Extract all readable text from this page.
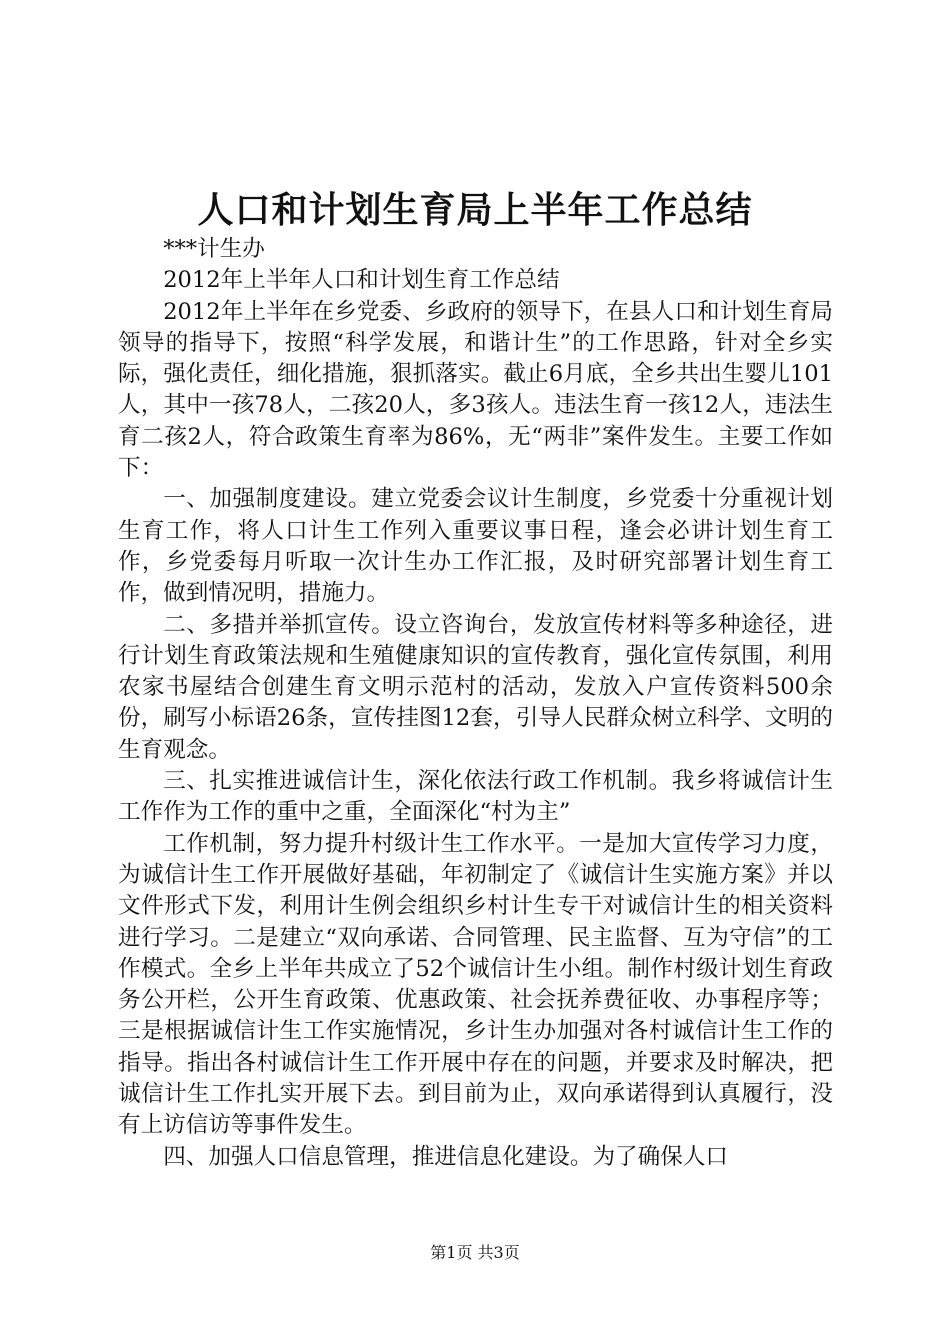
人口和计划生育局上半年工作总结

***计生办

2012年上半年人口和计划生育工作总结

2012年上半年在乡党委、乡政府的领导下，在县人口和计划生育局领导的指导下，按照“科学发展，和谐计生”的工作思路，针对全乡实际，强化责任，细化措施，狠抓落实。截止6月底，全乡共出生婴儿101人，其中一孩78人，二孩20人，多3孩人。违法生育一孩12人，违法生育二孩2人，符合政策生育率为86%，无“两非”案件发生。主要工作如下：

一、加强制度建设。建立党委会议计生制度，乡党委十分重视计划生育工作，将人口计生工作列入重要议事日程，逢会必讲计划生育工作，乡党委每月听取一次计生办工作汇报，及时研究部署计划生育工作，做到情况明，措施力。

二、多措并举抓宣传。设立咨询台，发放宣传材料等多种途径，进行计划生育政策法规和生殖健康知识的宣传教育，强化宣传氛围，利用农家书屋结合创建生育文明示范村的活动，发放入户宣传资料500余份，刷写小标语26条，宣传挂图12套，引导人民群众树立科学、文明的生育观念。

三、扎实推进诚信计生，深化依法行政工作机制。我乡将诚信计生工作作为工作的重中之重，全面深化“村为主”

工作机制，努力提升村级计生工作水平。一是加大宣传学习力度，为诚信计生工作开展做好基础，年初制定了《诚信计生实施方案》并以文件形式下发，利用计生例会组织乡村计生专干对诚信计生的相关资料进行学习。二是建立“双向承诺、合同管理、民主监督、互为守信”的工作模式。全乡上半年共成立了52个诚信计生小组。制作村级计划生育政务公开栏，公开生育政策、优惠政策、社会抚养费征收、办事程序等；三是根据诚信计生工作实施情况，乡计生办加强对各村诚信计生工作的指导。指出各村诚信计生工作开展中存在的问题，并要求及时解决，把诚信计生工作扎实开展下去。到目前为止，双向承诺得到认真履行，没有上访信访等事件发生。

四、加强人口信息管理，推进信息化建设。为了确保人口

第1页 共3页
